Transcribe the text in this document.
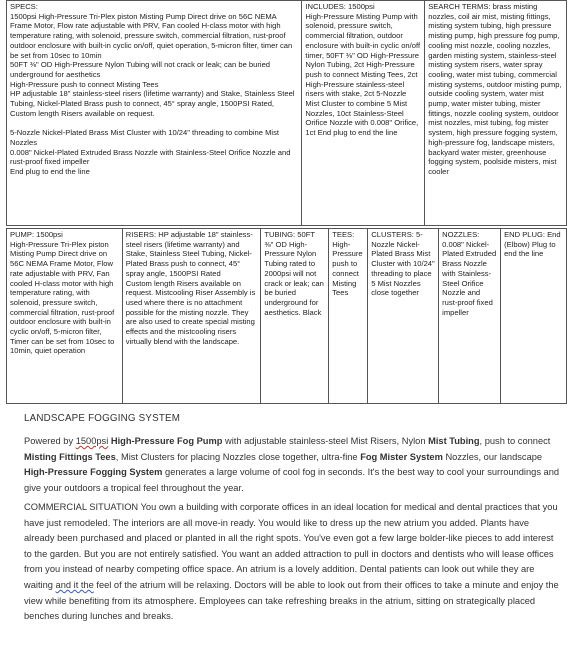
SPECS:
1500psi High-Pressure Tri-Plex piston Misting Pump Direct drive on 56C NEMA Frame Motor, Flow rate adjustable with PRV, Fan cooled H-class motor with high temperature rating, with solenoid, pressure switch, commercial filtration, rust-proof outdoor enclosure with built-in cyclic on/off, quiet operation, 5-micron filter, timer can be set from 10sec to 10min
50FT ⅜" OD High-Pressure Nylon Tubing will not crack or leak; can be buried underground for aesthetics
High-Pressure push to connect Misting Tees
HP adjustable 18" stainless-steel risers (lifetime warranty) and Stake, Stainless Steel Tubing, Nickel-Plated Brass push to connect, 45° spray angle, 1500PSI Rated, Custom length Risers available on request.

5-Nozzle Nickel-Plated Brass Mist Cluster with 10/24" threading to combine Mist Nozzles
0.008" Nickel-Plated Extruded Brass Nozzle with Stainless-Steel Orifice Nozzle and rust-proof fixed impeller
End plug to end the line	INCLUDES: 1500psi
High-Pressure Misting Pump with solenoid, pressure switch, commercial filtration, outdoor enclosure with built-in cyclic on/off timer, 50FT ⅜" OD High-Pressure Nylon Tubing, 2ct High-Pressure push to connect Misting Tees, 2ct High-Pressure stainless-steel risers with stake, 2ct 5-Nozzle Mist Cluster to combine 5 Mist Nozzles, 10ct Stainless-Steel Orifice Nozzle with 0.008" Orifice, 1ct End plug to end the line	SEARCH TERMS: brass misting nozzles, coil air mist, misting fittings, misting system tubing, high pressure misting pump, high pressure fog pump, cooling mist nozzle, cooling nozzles, garden misting system, stainless-steel misting system risers, water spray cooling, water mist tubing, commercial misting systems, outdoor misting pump, outside cooling system, water mist pump, water mister tubing, mister fittings, nozzle cooling system, outdoor mist nozzles, mist tubing, fog mister system, high pressure fogging system, high-pressure fog, landscape misters, backyard water mister, greenhouse fogging system, poolside misters, mist cooler
PUMP: 1500psi
High-Pressure Tri-Plex piston Misting Pump Direct drive on 56C NEMA Frame Motor, Flow rate adjustable with PRV, Fan cooled H-class motor with high temperature rating, with solenoid, pressure switch, commercial filtration, rust-proof outdoor enclosure with built-in cyclic on/off, 5-micron filter, Timer can be set from 10sec to 10min, quiet operation	RISERS: HP adjustable 18" stainless-steel risers (lifetime warranty) and Stake, Stainless Steel Tubing, Nickel-Plated Brass push to connect, 45° spray angle, 1500PSI Rated
Custom length Risers available on request. Mistcooling Riser Assembly is used where there is no attachment possible for the misting nozzle. They are also used to create special misting effects and the mistcooling risers virtually blend with the landscape.	TUBING: 50FT ⅜" OD High-Pressure Nylon Tubing rated to 2000psi will not crack or leak; can be buried underground for aesthetics. Black	TEES: High-Pressure push to connect Misting Tees	CLUSTERS: 5-Nozzle Nickel-Plated Brass Mist Cluster with 10/24" threading to place 5 Mist Nozzles close together	NOZZLES: 0.008" Nickel-Plated Extruded Brass Nozzle with Stainless-Steel Orifice Nozzle and rust-proof fixed impeller	END PLUG: End (Elbow) Plug to end the line
LANDSCAPE FOGGING SYSTEM
Powered by 1500psi High-Pressure Fog Pump with adjustable stainless-steel Mist Risers, Nylon Mist Tubing, push to connect Misting Fittings Tees, Mist Clusters for placing Nozzles close together, ultra-fine Fog Mister System Nozzles, our landscape High-Pressure Fogging System generates a large volume of cool fog in seconds. It's the best way to cool your surroundings and give your outdoors a tropical feel throughout the year.
COMMERCIAL SITUATION You own a building with corporate offices in an ideal location for medical and dental practices that you have just remodeled. The interiors are all move-in ready. You would like to dress up the new atrium you added. Plants have already been purchased and placed or planted in all the right spots. You've even got a few large bolder-like pieces to add interest to the garden. But you are not entirely satisfied. You want an added attraction to pull in doctors and dentists who will lease offices from you instead of nearby competing office space. An atrium is a lovely addition. Dental patients can look out while they are waiting and it the feel of the atrium will be relaxing. Doctors will be able to look out from their offices to take a minute and enjoy the view while benefiting from its atmosphere. Employees can take refreshing breaks in the atrium, sitting on strategically placed benches during lunches and breaks.
